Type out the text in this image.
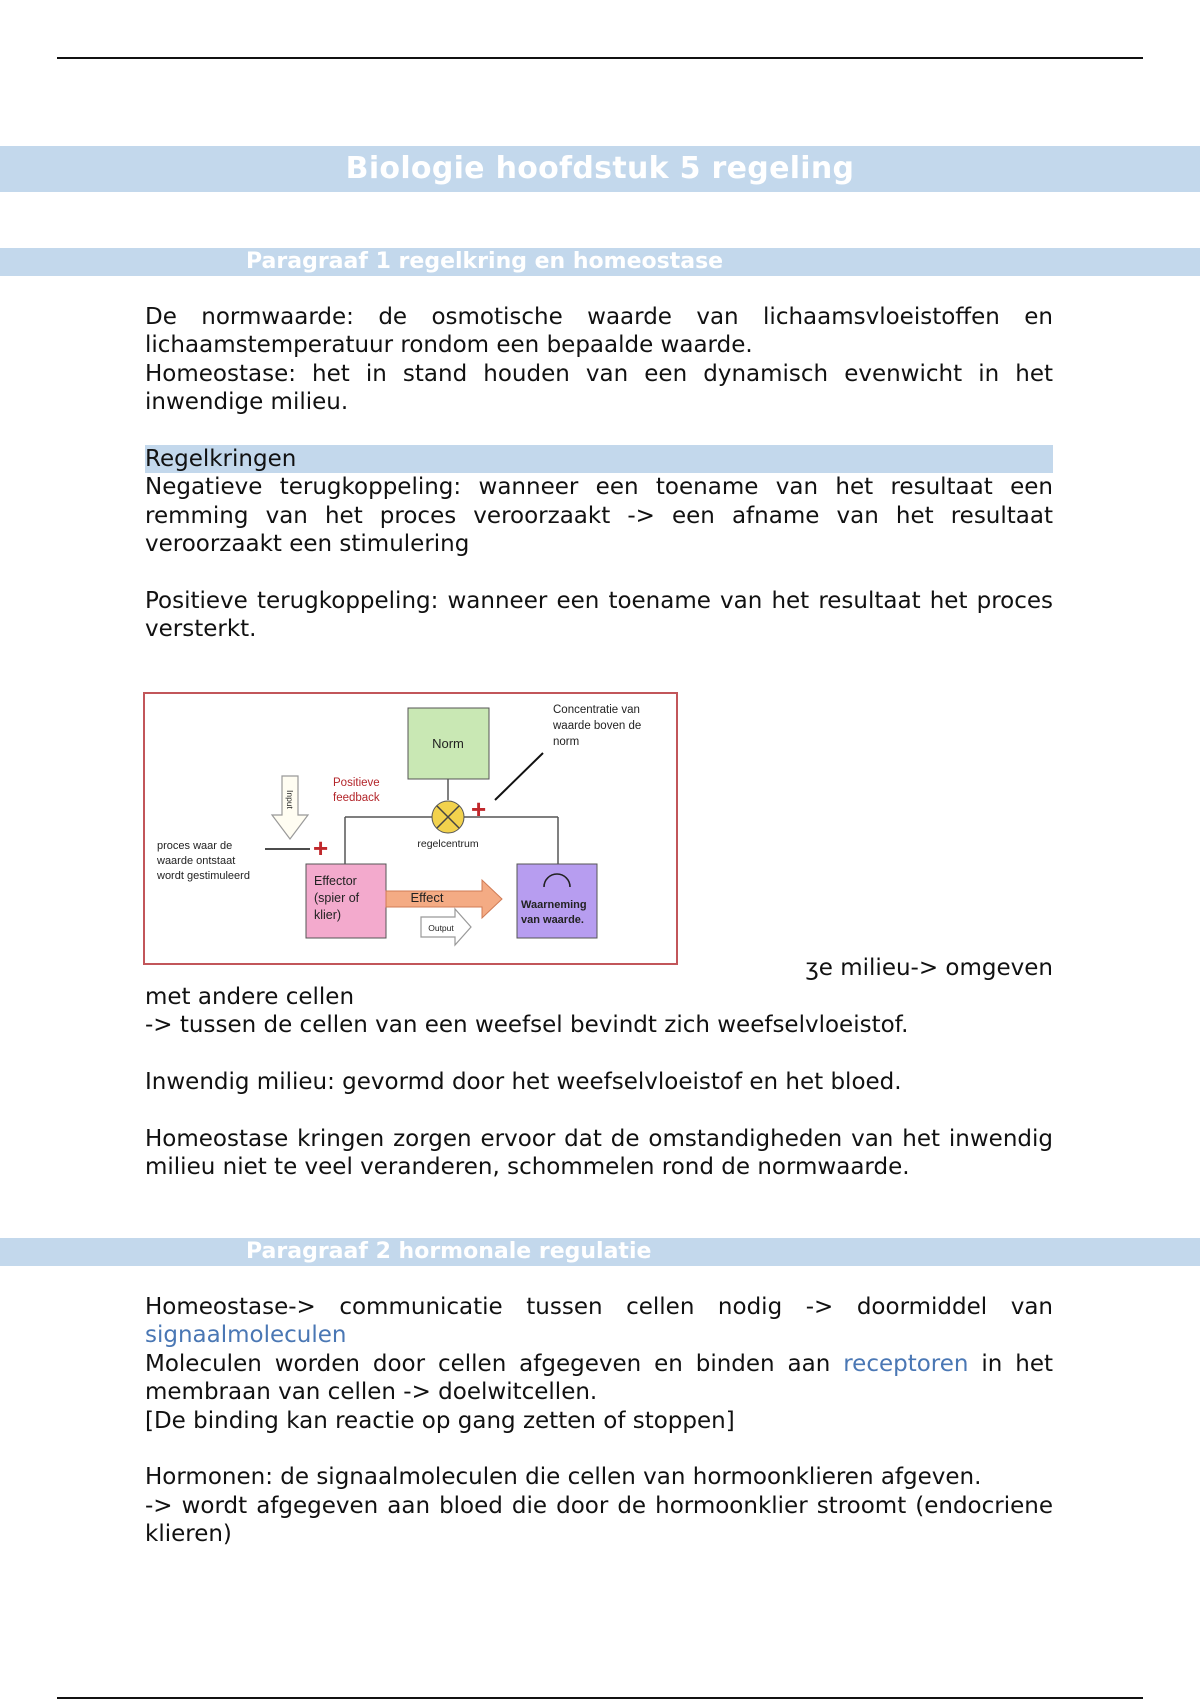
Biologie hoofdstuk 5 regeling
Paragraaf 1 regelkring en homeostase

De normwaarde: de osmotische waarde van lichaamsvloeistoffen en lichaamstemperatuur rondom een bepaalde waarde.

Homeostase: het in stand houden van een dynamisch evenwicht in het inwendige milieu.

Regelkringen

Negatieve terugkoppeling: wanneer een toename van het resultaat een remming van het proces veroorzaakt -> een afname van het resultaat veroorzaakt een stimulering

Positieve terugkoppeling: wanneer een toename van het resultaat het proces versterkt.

Norm
Concentratie van
waarde boven de
norm
+
regelcentrum
Positieve
feedback
Input
proces waar de
waarde ontstaat
wordt gestimuleerd
+
Effector
(spier of
klier)
Effect
Output
Waarneming
van waarde.
ʒe milieu-> omgeven

met andere cellen

-> tussen de cellen van een weefsel bevindt zich weefselvloeistof.

Inwendig milieu: gevormd door het weefselvloeistof en het bloed.

Homeostase kringen zorgen ervoor dat de omstandigheden van het inwendig milieu niet te veel veranderen, schommelen rond de normwaarde.

Paragraaf 2 hormonale regulatie

Homeostase-> communicatie tussen cellen nodig -> doormiddel van signaalmoleculen

Moleculen worden door cellen afgegeven en binden aan receptoren in het membraan van cellen -> doelwitcellen.

[De binding kan reactie op gang zetten of stoppen]

Hormonen: de signaalmoleculen die cellen van hormoonklieren afgeven.

-> wordt afgegeven aan bloed die door de hormoonklier stroomt (endocriene klieren)
